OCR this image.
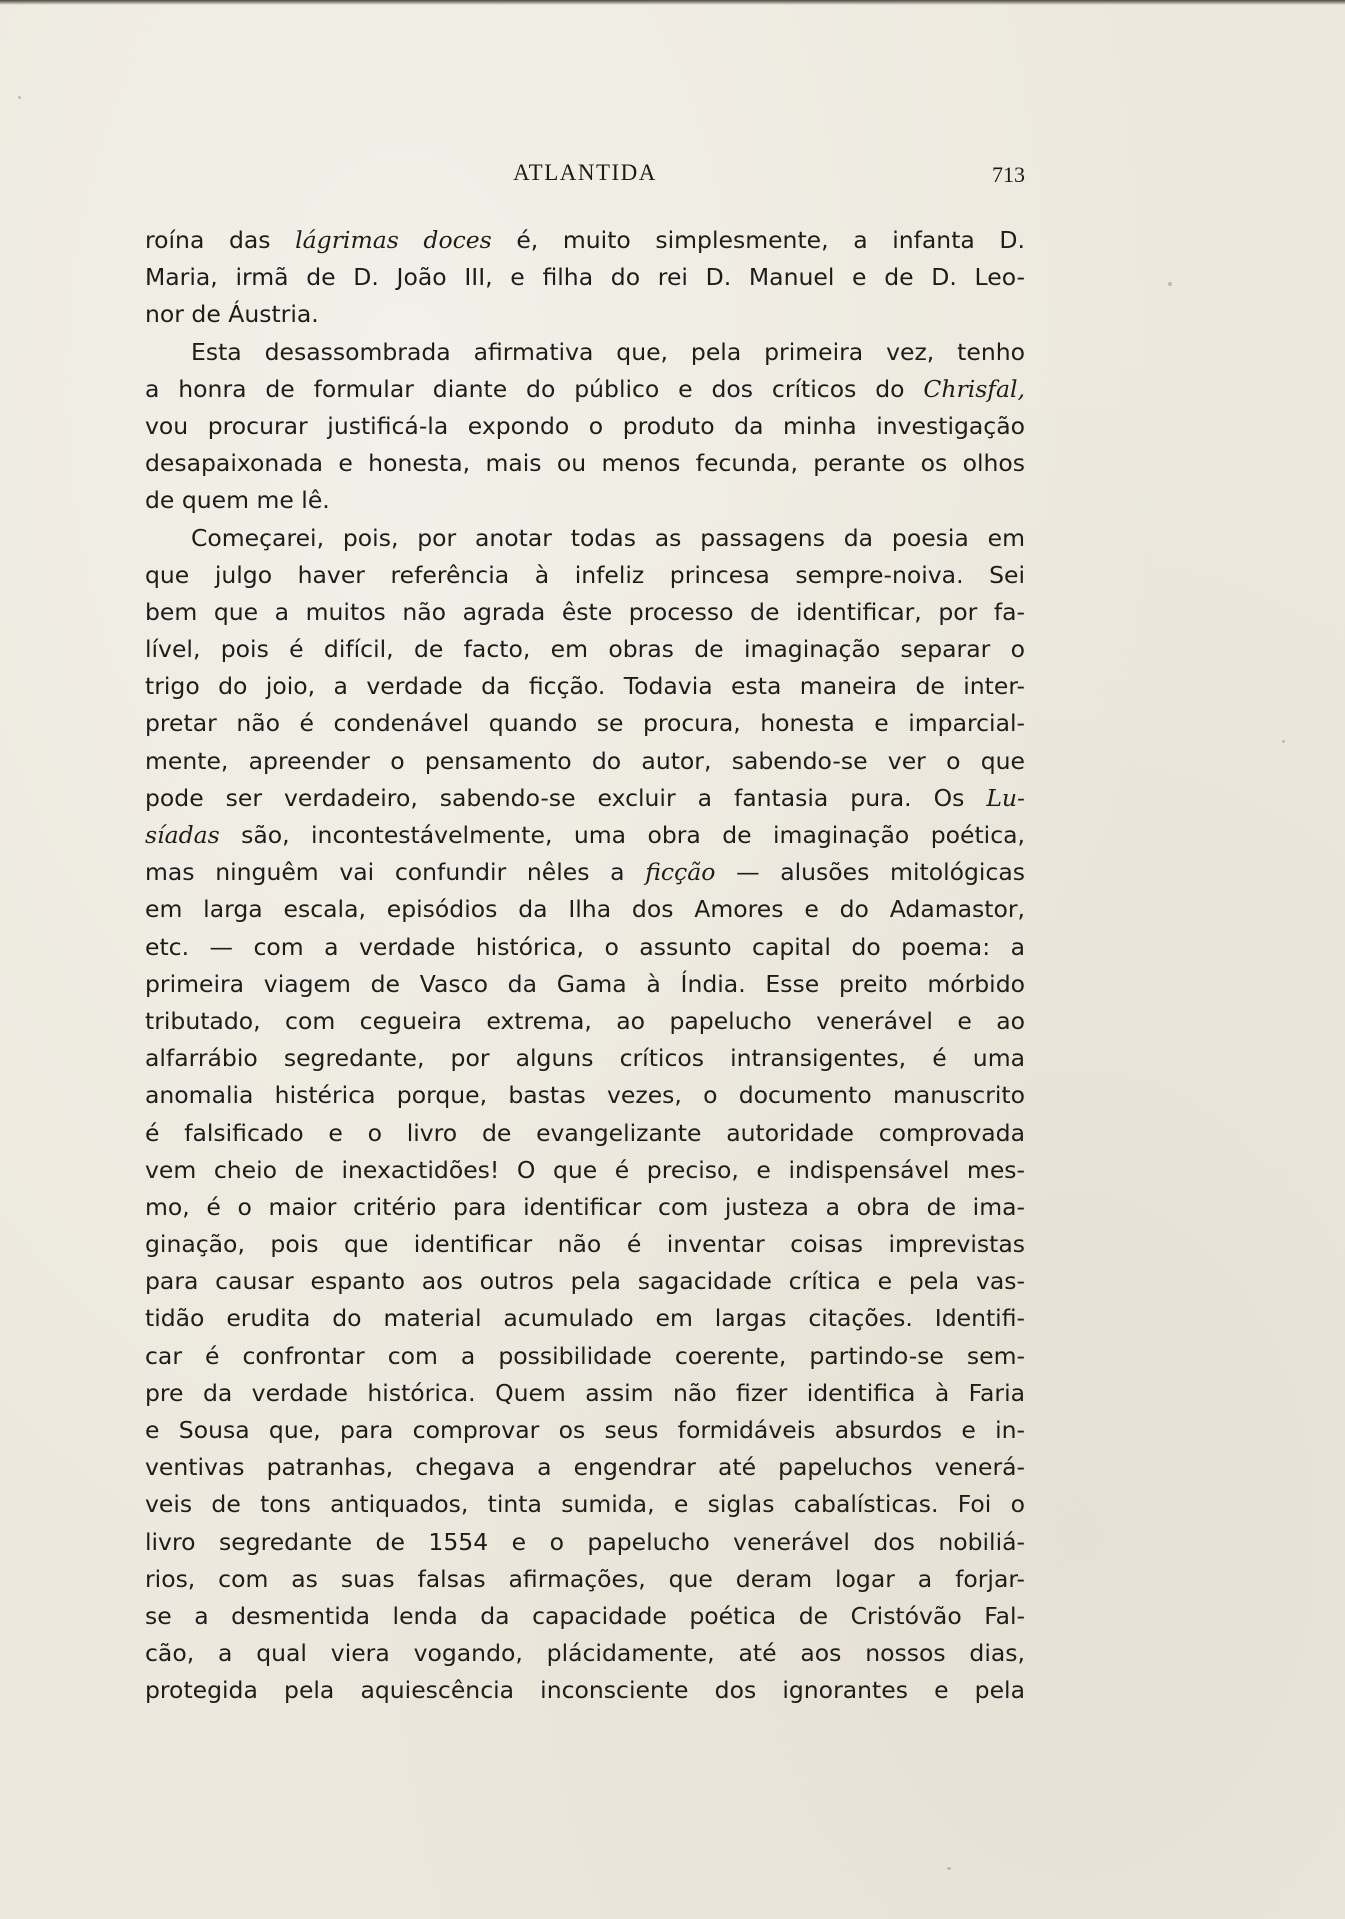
ATLANTIDA	713
roína das lágrimas doces é, muito simplesmente, a infanta D.
Maria, irmã de D. João III, e filha do rei D. Manuel e de D. Leo-
nor de Áustria.
Esta desassombrada afirmativa que, pela primeira vez, tenho
a honra de formular diante do público e dos críticos do Chrisfal,
vou procurar justificá-la expondo o produto da minha investigação
desapaixonada e honesta, mais ou menos fecunda, perante os olhos
de quem me lê.
Começarei, pois, por anotar todas as passagens da poesia em
que julgo haver referência à infeliz princesa sempre-noiva. Sei
bem que a muitos não agrada êste processo de identificar, por fa-
lível, pois é difícil, de facto, em obras de imaginação separar o
trigo do joio, a verdade da ficção. Todavia esta maneira de inter-
pretar não é condenável quando se procura, honesta e imparcial-
mente, apreender o pensamento do autor, sabendo-se ver o que
pode ser verdadeiro, sabendo-se excluir a fantasia pura. Os Lu-
síadas são, incontestávelmente, uma obra de imaginação poética,
mas ninguêm vai confundir nêles a ficção — alusões mitológicas
em larga escala, episódios da Ilha dos Amores e do Adamastor,
etc. — com a verdade histórica, o assunto capital do poema: a
primeira viagem de Vasco da Gama à Índia. Esse preito mórbido
tributado, com cegueira extrema, ao papelucho venerável e ao
alfarrábio segredante, por alguns críticos intransigentes, é uma
anomalia histérica porque, bastas vezes, o documento manuscrito
é falsificado e o livro de evangelizante autoridade comprovada
vem cheio de inexactidões! O que é preciso, e indispensável mes-
mo, é o maior critério para identificar com justeza a obra de ima-
ginação, pois que identificar não é inventar coisas imprevistas
para causar espanto aos outros pela sagacidade crítica e pela vas-
tidão erudita do material acumulado em largas citações. Identifi-
car é confrontar com a possibilidade coerente, partindo-se sem-
pre da verdade histórica. Quem assim não fizer identifica à Faria
e Sousa que, para comprovar os seus formidáveis absurdos e in-
ventivas patranhas, chegava a engendrar até papeluchos venerá-
veis de tons antiquados, tinta sumida, e siglas cabalísticas. Foi o
livro segredante de 1554 e o papelucho venerável dos nobiliá-
rios, com as suas falsas afirmações, que deram logar a forjar-
se a desmentida lenda da capacidade poética de Cristóvão Fal-
cão, a qual viera vogando, plácidamente, até aos nossos dias,
protegida pela aquiescência inconsciente dos ignorantes e pela
